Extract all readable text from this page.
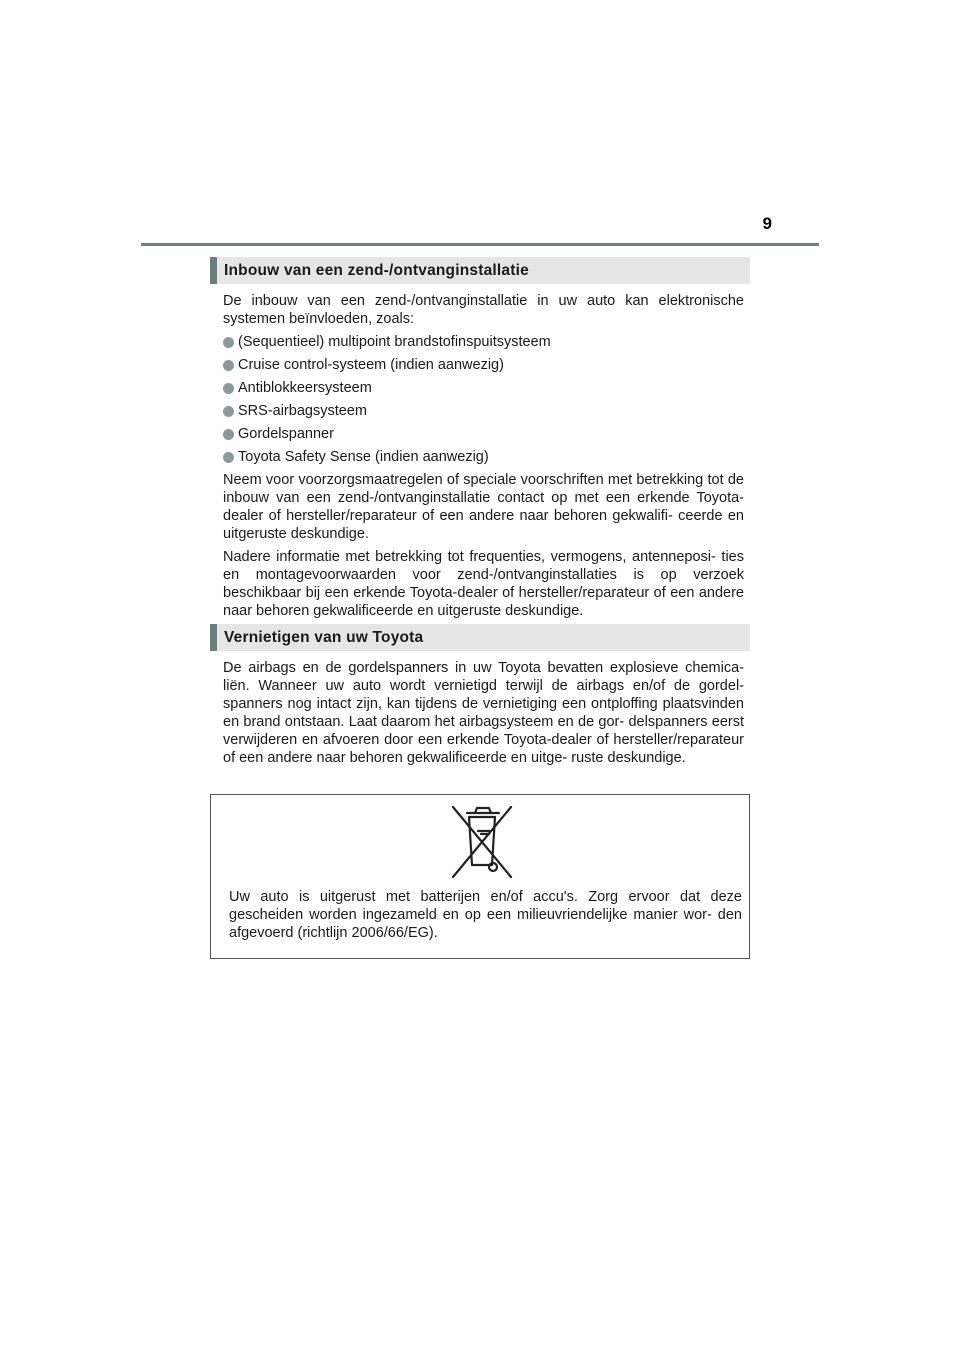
9
Inbouw van een zend-/ontvanginstallatie

De inbouw van een zend-/ontvanginstallatie in uw auto kan elektronische systemen beïnvloeden, zoals:

(Sequentieel) multipoint brandstofinspuitsysteem
Cruise control-systeem (indien aanwezig)
Antiblokkeersysteem
SRS-airbagsysteem
Gordelspanner
Toyota Safety Sense (indien aanwezig)

Neem voor voorzorgsmaatregelen of speciale voorschriften met betrekking tot de inbouw van een zend-/ontvanginstallatie contact op met een erkende Toyota-dealer of hersteller/reparateur of een andere naar behoren gekwalifi- ceerde en uitgeruste deskundige.

Nadere informatie met betrekking tot frequenties, vermogens, antenneposi- ties en montagevoorwaarden voor zend-/ontvanginstallaties is op verzoek beschikbaar bij een erkende Toyota-dealer of hersteller/reparateur of een andere naar behoren gekwalificeerde en uitgeruste deskundige.

Vernietigen van uw Toyota

De airbags en de gordelspanners in uw Toyota bevatten explosieve chemica- liën. Wanneer uw auto wordt vernietigd terwijl de airbags en/of de gordel- spanners nog intact zijn, kan tijdens de vernietiging een ontploffing plaatsvinden en brand ontstaan. Laat daarom het airbagsysteem en de gor- delspanners eerst verwijderen en afvoeren door een erkende Toyota-dealer of hersteller/reparateur of een andere naar behoren gekwalificeerde en uitge- ruste deskundige.

Uw auto is uitgerust met batterijen en/of accu's. Zorg ervoor dat deze gescheiden worden ingezameld en op een milieuvriendelijke manier wor- den afgevoerd (richtlijn 2006/66/EG).
